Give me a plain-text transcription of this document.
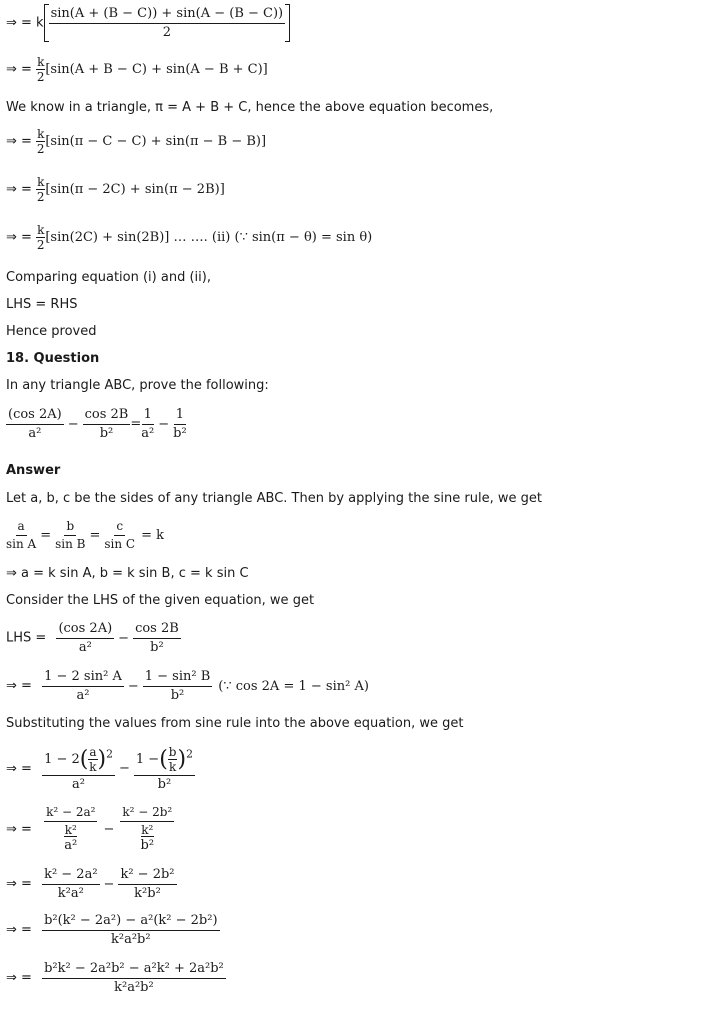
⇒ = k $\frac{\sin(A + (B - C)) + \sin(A - (B - C))}{2}$
⇒ = $\frac{k}{2} [\sin(A + B - C) + \sin(A - B + C)]$
We know in a triangle, π = A + B + C, hence the above equation becomes,
⇒ = $\frac{k}{2} [\sin(\pi - C - C) + \sin(\pi - B - B)]$
⇒ = $\frac{k}{2} [\sin(\pi - 2C) + \sin(\pi - 2B)]$
⇒ = $\frac{k}{2} [\sin(2C) + \sin(2B)]$ … …. (ii) (∵ sin(π − θ) = sin θ)
Comparing equation (i) and (ii),
LHS = RHS
Hence proved
18. Question
In any triangle ABC, prove the following:
$\frac{(\cos 2A)}{\text{a²}} - \frac{\cos 2B}{\text{b²}} = \frac{1}{\text{a²}} - \frac{1}{\text{b²}}$
Answer
Let a, b, c be the sides of any triangle ABC. Then by applying the sine rule, we get
$\frac{a}{\text{sin A}} = \frac{b}{\text{sin B}} = \frac{c}{\text{sin C}} = k$
⇒ a = k sin A, b = k sin B, c = k sin C
Consider the LHS of the given equation, we get
LHS = $\frac{(\cos 2A)}{\text{a²}} - \frac{\cos 2B}{\text{b²}}$
⇒ = $\frac{\text{1 − 2 sin² A}}{\text{a²}} - \frac{\text{1 − sin² B}}{\text{b²}}$ (∵ cos 2A = 1 − sin² A)
Substituting the values from sine rule into the above equation, we get
⇒ = $\frac{1 - 2( \frac{a}{k} )^2}{\text{a²}} - \frac{1 -( \frac{b}{k} )^2}{\text{b²}}$
⇒ = $\frac{\frac{\text{k² − 2a²}}{\text{k²}}}{\text{a²}} - \frac{\frac{\text{k² − 2b²}}{\text{k²}}}{\text{b²}}$
⇒ = $\frac{\text{k² − 2a²}}{\text{k²a²}} - \frac{\text{k² − 2b²}}{\text{k²b²}}$
⇒ = $\frac{\text{b²(k² − 2a²) − a²(k² − 2b²)}}{\text{k²a²b²}}$
⇒ = $\frac{\text{b²k² − 2a²b² − a²k² + 2a²b²}}{\text{k²a²b²}}$
